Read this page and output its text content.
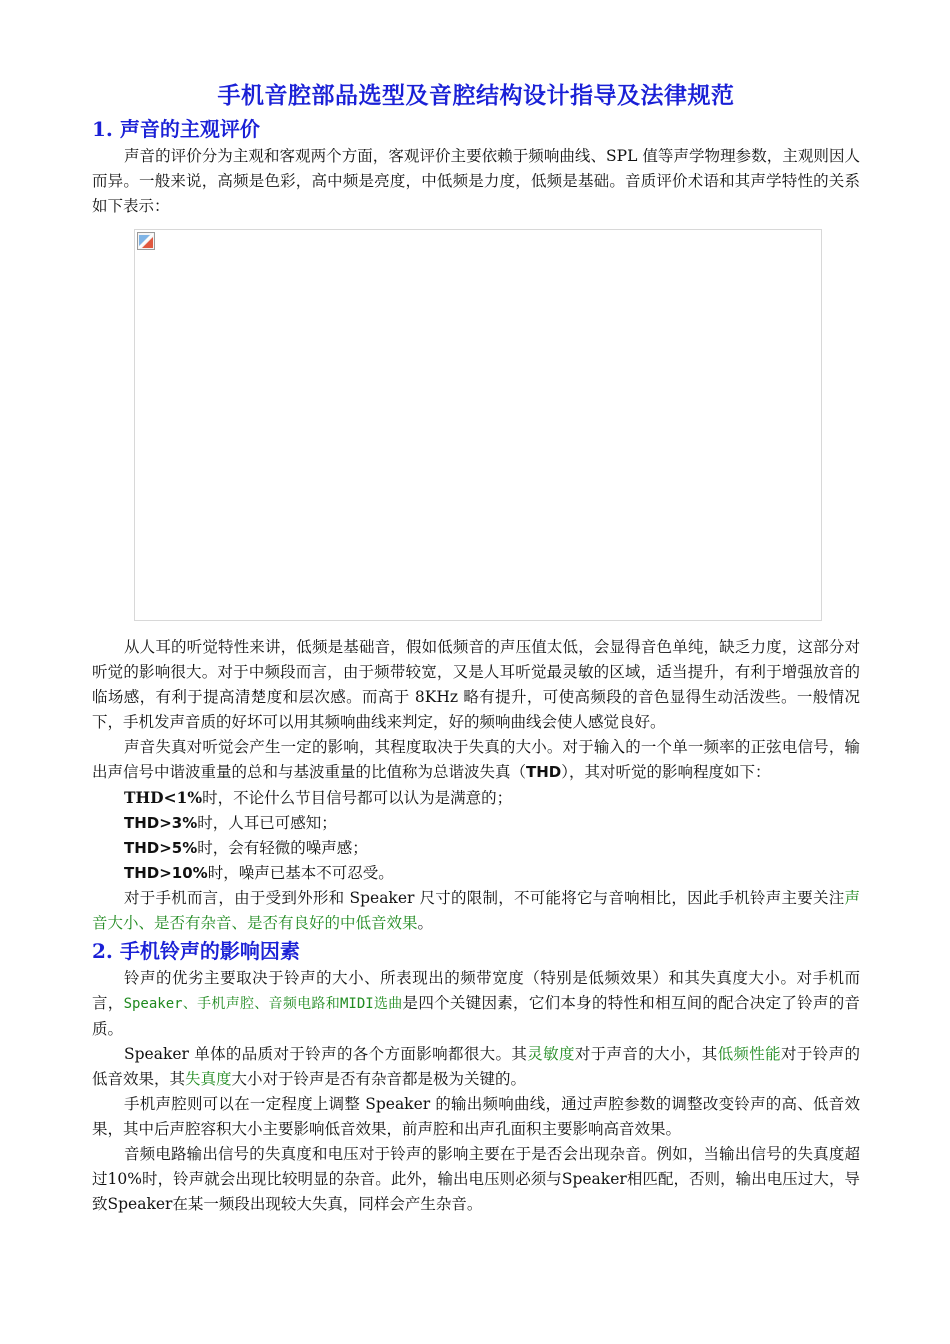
手机音腔部品选型及音腔结构设计指导及法律规范
1. 声音的主观评价

声音的评价分为主观和客观两个方面，客观评价主要依赖于频响曲线、SPL 值等声学物理参数，主观则因人而异。一般来说，高频是色彩，高中频是亮度，中低频是力度，低频是基础。音质评价术语和其声学特性的关系如下表示：

从人耳的听觉特性来讲，低频是基础音，假如低频音的声压值太低，会显得音色单纯，缺乏力度，这部分对听觉的影响很大。对于中频段而言，由于频带较宽，又是人耳听觉最灵敏的区域，适当提升，有利于增强放音的临场感，有利于提高清楚度和层次感。而高于 8KHz 略有提升，可使高频段的音色显得生动活泼些。一般情况下，手机发声音质的好坏可以用其频响曲线来判定，好的频响曲线会使人感觉良好。

声音失真对听觉会产生一定的影响，其程度取决于失真的大小。对于输入的一个单一频率的正弦电信号，输出声信号中谐波重量的总和与基波重量的比值称为总谐波失真（THD），其对听觉的影响程度如下：

THD<1%时，不论什么节目信号都可以认为是满意的；

THD>3%时，人耳已可感知；

THD>5%时，会有轻微的噪声感；

THD>10%时，噪声已基本不可忍受。

对于手机而言，由于受到外形和 Speaker 尺寸的限制，不可能将它与音响相比，因此手机铃声主要关注声音大小、是否有杂音、是否有良好的中低音效果。

2. 手机铃声的影响因素

铃声的优劣主要取决于铃声的大小、所表现出的频带宽度（特别是低频效果）和其失真度大小。对手机而言，Speaker、手机声腔、音频电路和MIDI选曲是四个关键因素，它们本身的特性和相互间的配合决定了铃声的音质。

Speaker 单体的品质对于铃声的各个方面影响都很大。其灵敏度对于声音的大小，其低频性能对于铃声的低音效果，其失真度大小对于铃声是否有杂音都是极为关键的。

手机声腔则可以在一定程度上调整 Speaker 的输出频响曲线，通过声腔参数的调整改变铃声的高、低音效果，其中后声腔容积大小主要影响低音效果，前声腔和出声孔面积主要影响高音效果。

音频电路输出信号的失真度和电压对于铃声的影响主要在于是否会出现杂音。例如，当输出信号的失真度超过10%时，铃声就会出现比较明显的杂音。此外，输出电压则必须与Speaker相匹配，否则，输出电压过大，导致Speaker在某一频段出现较大失真，同样会产生杂音。
